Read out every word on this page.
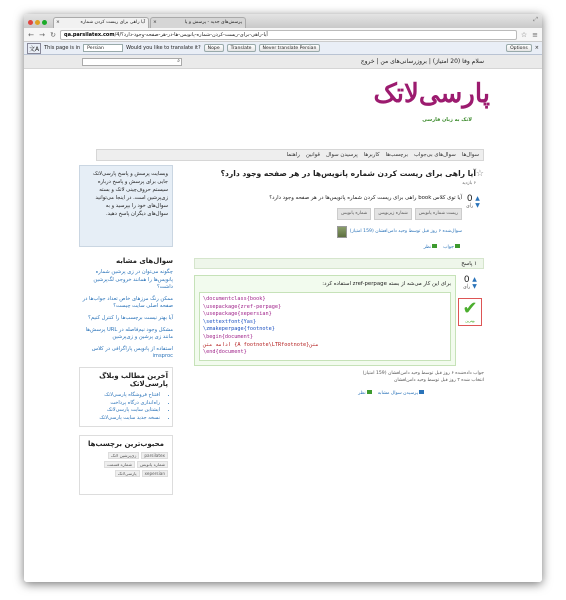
×	آیا راهی برای ریست کردن شماره	×	پرسش‌های جدید - پرسش و پا	⤢
← → ↻	qa.parsilatex.com/4/آیا-راهی-برای-ریست-کردن-شماره-پانویس-ها-در-هر-صفحه-وجود-دارد؟	☆ ≡
文A	This page is in	Persian	Would you like to translate it?	Nope	Translate	Never translate Persian	Options	×
سلام وفا (20 امتیاز) | بروزرسانی‌های من | خروج
⌕
پارسی‌لاتک
لاتک به زبان فارسی
سوال‌ها
سوال‌های بی‌جواب
برچسب‌ها
کاربرها
پرسیدن سوال
قوانین
راهنما
☆
آیا راهی برای ریست کردن شماره پانویس‌ها در هر صفحه وجود دارد؟
۶ بازدید
▲
▼
0
رأی
آیا توی کلاس book راهی برای ریست کردن شماره پانویس‌ها در هر صفحه وجود دارد؟
ریست شماره پانویس
شماره زیرنویس
شماره پانویس
سوال‌شده ۶ روز قبل توسط وحید دامن‌افشان (159 امتیاز)
جواب
نظر
۱ پاسخ
▲
▼
0
رأی
✔
بهترین
برای این کار می‌شه از بسته zref-perpage استفاده کرد:
\documentclass{book}
\usepackage{zref-perpage}
\usepackage{xepersian}
\settextfont{Yas}
\zmakeperpage{footnote}
\begin{document}
متن{A footnote\LTRfootnote} ادامه متن
\end{document}
جواب داده‌شده ۶ روز قبل توسط وحید دامن‌افشان (159 امتیاز)
انتخاب شده ۲ روز قبل توسط وحید دامن‌افشان
پرسیدن سوال مشابه
نظر
وبسایت پرسش و پاسخ پارسی‌لاتک جایی برای پرسش و پاسخ درباره سیستم حروف‌چینی لاتک و بسته زی‌پرشین است. در اینجا می‌توانید سوال‌های خود را بپرسید و به سوال‌های دیگران پاسخ دهید.
سوال‌های مشابه
چگونه می‌توان در زی پرشین شماره پانویس‌ها را همانند خروجی لگ‌پرشین داشت؟
ممکن رنگ مرزهای خاص تعداد جواب‌ها در صفحه اصلی سایت چیست؟
آیا بهتر نیست برچسب‌ها را کنترل کنیم؟
مشکل وجود نیم‌فاصله در URL پرسش‌ها مانند زی پرشین و زی‌پرشین
استفاده از پانویس پاراگرافی در کلاس imsproc
آخرین مطالب وبلاگ پارسی‌لاتک
• افتتاح فروشگاه پارسی‌لاتک
• راه‌اندازی درگاه پرداخت
• ایشتاین سایت پارسی‌لاتک
• نسخه جدید سایت پارسی‌لاتک
محبوب‌ترین برچسب‌ها
parsilatex
زی‌پرشین لاتک
شماره پانویس
شماره قسمت
xepersian
پارسی‌لاتک
